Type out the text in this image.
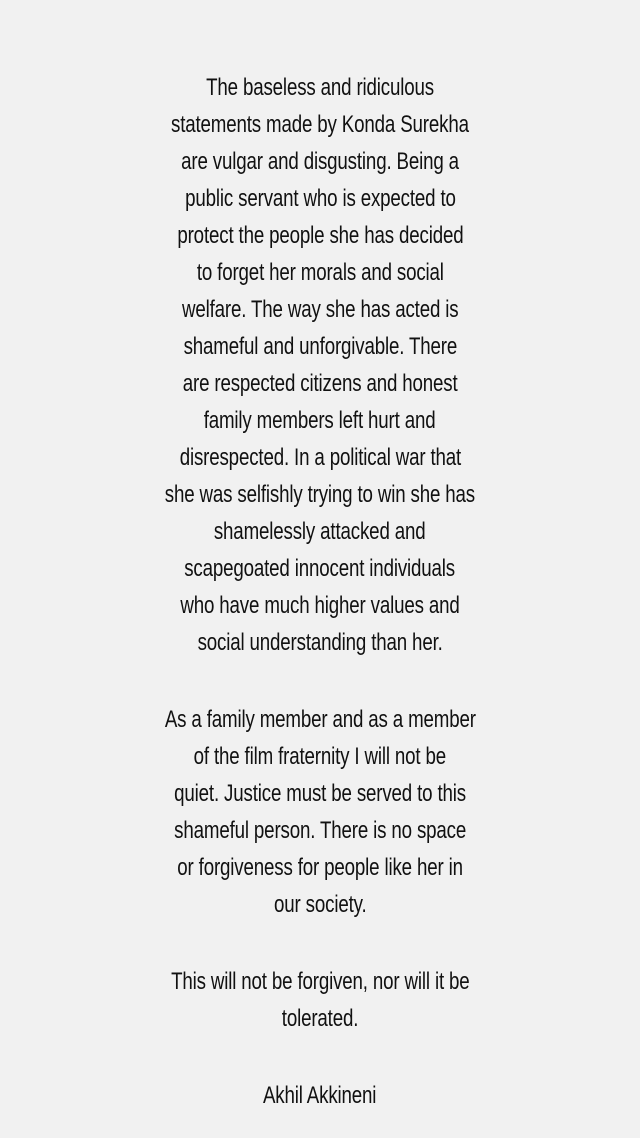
The baseless and ridiculous
statements made by Konda Surekha
are vulgar and disgusting. Being a
public servant who is expected to
protect the people she has decided
to forget her morals and social
welfare. The way she has acted is
shameful and unforgivable. There
are respected citizens and honest
family members left hurt and
disrespected. In a political war that
she was selfishly trying to win she has
shamelessly attacked and
scapegoated innocent individuals
who have much higher values and
social understanding than her.
As a family member and as a member
of the film fraternity I will not be
quiet. Justice must be served to this
shameful person. There is no space
or forgiveness for people like her in
our society.
This will not be forgiven, nor will it be
tolerated.
Akhil Akkineni
